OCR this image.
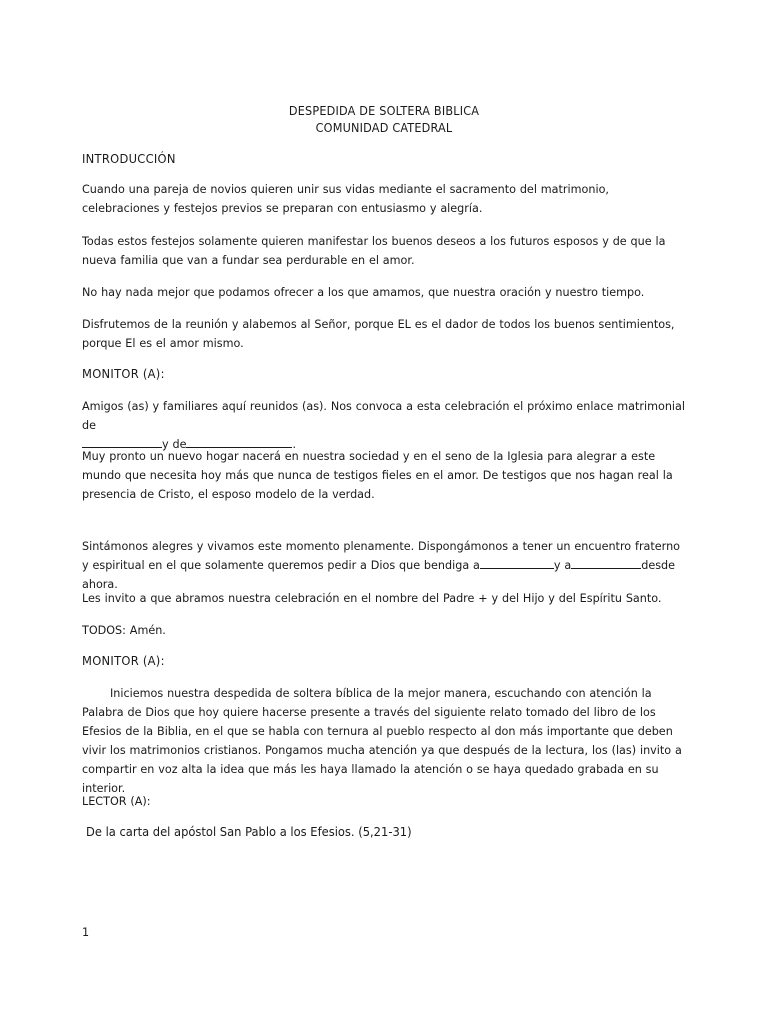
DESPEDIDA DE SOLTERA BIBLICA
COMUNIDAD CATEDRAL
INTRODUCCIÓN
Cuando una pareja de novios quieren unir sus vidas mediante el sacramento del matrimonio, celebraciones y festejos previos se preparan con entusiasmo y alegría.
Todas estos festejos solamente quieren manifestar los buenos deseos a los futuros esposos y de que la nueva familia que van a fundar sea perdurable en el amor.
No hay nada mejor que podamos ofrecer a los que amamos, que nuestra oración y nuestro tiempo.
Disfrutemos de la reunión y alabemos al Señor, porque EL es el dador de todos los buenos sentimientos, porque El es el amor mismo.
MONITOR (A):
Amigos (as) y familiares aquí reunidos (as). Nos convoca a esta celebración el próximo enlace matrimonial de
y de	.
Muy pronto un nuevo hogar nacerá en nuestra sociedad y en el seno de la Iglesia para alegrar a este mundo que necesita hoy más que nunca de testigos fieles en el amor. De testigos que nos hagan real la presencia de Cristo, el esposo modelo de la verdad.
Sintámonos alegres y vivamos este momento plenamente. Dispongámonos a tener un encuentro fraterno y espiritual en el que solamente queremos pedir a Dios que bendiga a	y a	desde ahora.
Les invito a que abramos nuestra celebración en el nombre del Padre + y del Hijo y del Espíritu Santo.
TODOS: Amén.
MONITOR (A):
Iniciemos nuestra despedida de soltera bíblica de la mejor manera, escuchando con atención la Palabra de Dios que hoy quiere hacerse presente a través del siguiente relato tomado del libro de los Efesios de la Biblia, en el que se habla con ternura al pueblo respecto al don más importante que deben vivir los matrimonios cristianos. Pongamos mucha atención ya que después de la lectura, los (las) invito a compartir en voz alta la idea que más les haya llamado la atención o se haya quedado grabada en su interior.
LECTOR (A):
De la carta del apóstol San Pablo a los Efesios. (5,21-31)
1
